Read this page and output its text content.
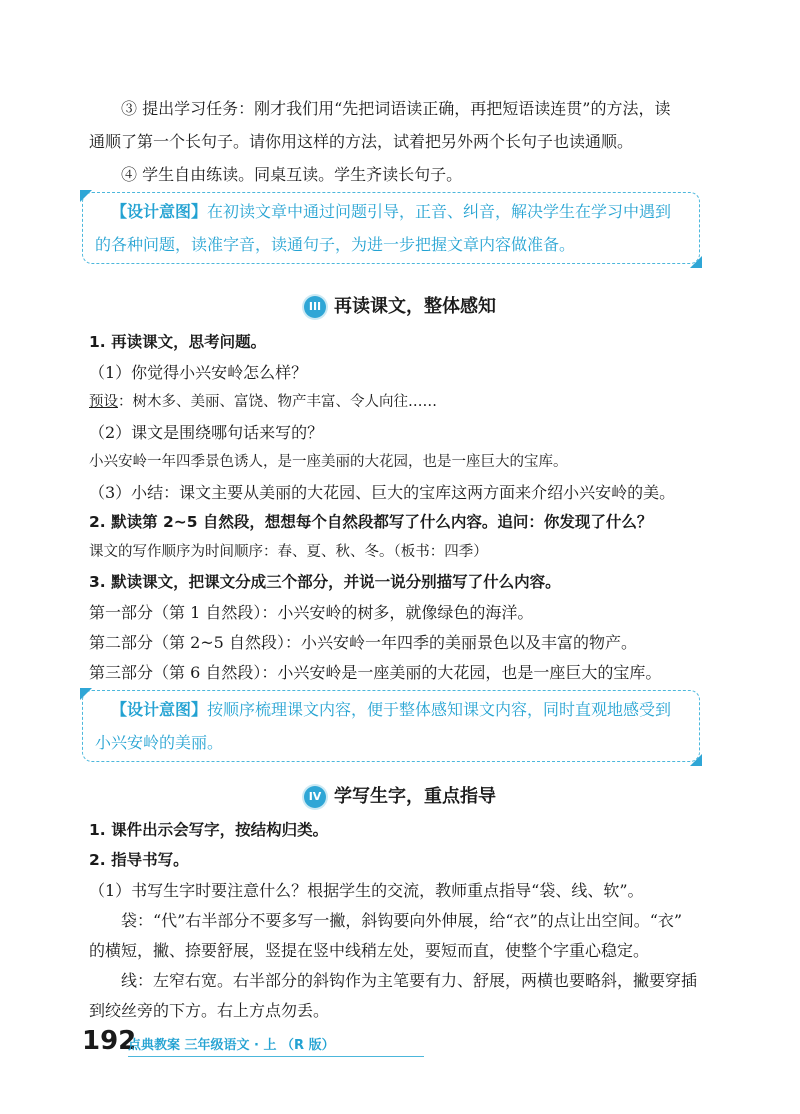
③ 提出学习任务：刚才我们用“先把词语读正确，再把短语读连贯”的方法，读
通顺了第一个长句子。请你用这样的方法，试着把另外两个长句子也读通顺。
④ 学生自由练读。同桌互读。学生齐读长句子。
【设计意图】在初读文章中通过问题引导，正音、纠音，解决学生在学习中遇到
的各种问题，读准字音，读通句子，为进一步把握文章内容做准备。
III 再读课文，整体感知
1. 再读课文，思考问题。
（1）你觉得小兴安岭怎么样？
预设：树木多、美丽、富饶、物产丰富、令人向往……
（2）课文是围绕哪句话来写的？
小兴安岭一年四季景色诱人，是一座美丽的大花园，也是一座巨大的宝库。
（3）小结：课文主要从美丽的大花园、巨大的宝库这两方面来介绍小兴安岭的美。
2. 默读第 2~5 自然段，想想每个自然段都写了什么内容。追问：你发现了什么？
课文的写作顺序为时间顺序：春、夏、秋、冬。（板书：四季）
3. 默读课文，把课文分成三个部分，并说一说分别描写了什么内容。
第一部分（第 1 自然段）：小兴安岭的树多，就像绿色的海洋。
第二部分（第 2~5 自然段）：小兴安岭一年四季的美丽景色以及丰富的物产。
第三部分（第 6 自然段）：小兴安岭是一座美丽的大花园，也是一座巨大的宝库。
【设计意图】按顺序梳理课文内容，便于整体感知课文内容，同时直观地感受到
小兴安岭的美丽。
IV 学写生字，重点指导
1. 课件出示会写字，按结构归类。
2. 指导书写。
（1）书写生字时要注意什么？根据学生的交流，教师重点指导“袋、线、软”。
袋：“代”右半部分不要多写一撇，斜钩要向外伸展，给“衣”的点让出空间。“衣”
的横短，撇、捺要舒展，竖提在竖中线稍左处，要短而直，使整个字重心稳定。
线：左窄右宽。右半部分的斜钩作为主笔要有力、舒展，两横也要略斜，撇要穿插
到绞丝旁的下方。右上方点勿丢。
192
点典教案 三年级语文 · 上 （R 版）
